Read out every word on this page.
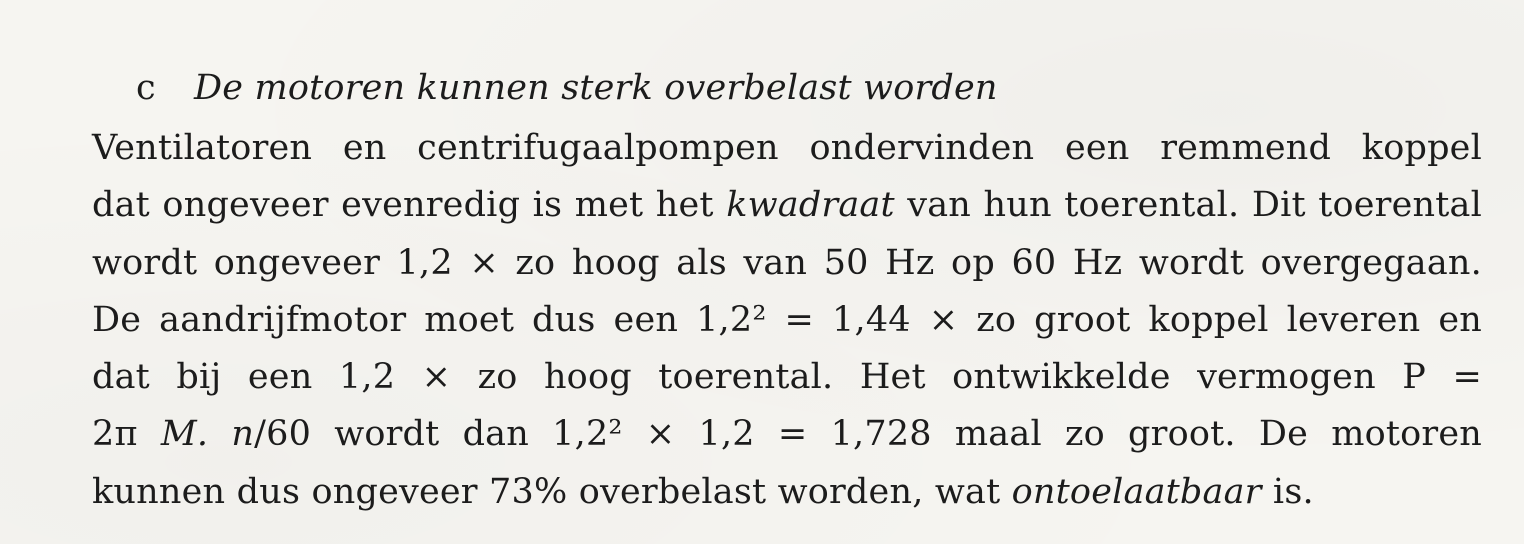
c De motoren kunnen sterk overbelast worden
Ventilatoren en centrifugaalpompen ondervinden een remmend koppel
dat ongeveer evenredig is met het kwadraat van hun toerental. Dit toerental
wordt ongeveer 1,2 × zo hoog als van 50 Hz op 60 Hz wordt overgegaan.
De aandrijfmotor moet dus een 1,2² = 1,44 × zo groot koppel leveren en
dat bij een 1,2 × zo hoog toerental. Het ontwikkelde vermogen P =
2π M. n/60 wordt dan 1,2² × 1,2 = 1,728 maal zo groot. De motoren
kunnen dus ongeveer 73% overbelast worden, wat ontoelaatbaar is.
